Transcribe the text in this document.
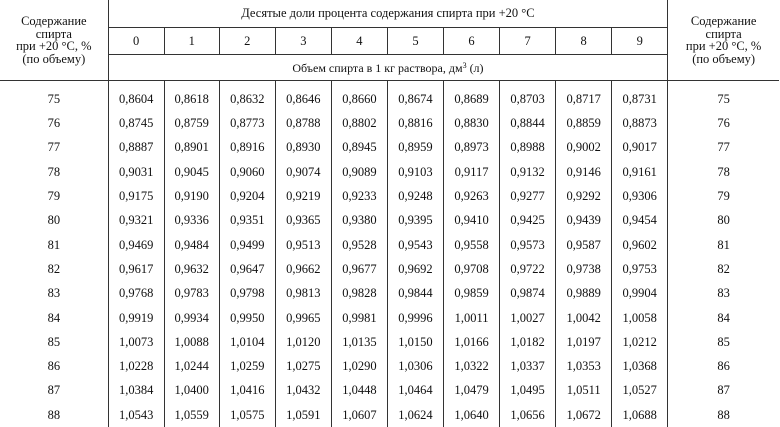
Содержание
спирта
при +20 °С, %
(по объему)	Десятые доли процента содержания спирта при +20 °С										Содержание
спирта
при +20 °С, %
(по объему)
	0	1	2	3	4	5	6	7	8	9	
	Объем спирта в 1 кг раствора, $дм^3$ (л)										
75	0,8604	0,8618	0,8632	0,8646	0,8660	0,8674	0,8689	0,8703	0,8717	0,8731	75
76	0,8745	0,8759	0,8773	0,8788	0,8802	0,8816	0,8830	0,8844	0,8859	0,8873	76
77	0,8887	0,8901	0,8916	0,8930	0,8945	0,8959	0,8973	0,8988	0,9002	0,9017	77
78	0,9031	0,9045	0,9060	0,9074	0,9089	0,9103	0,9117	0,9132	0,9146	0,9161	78
79	0,9175	0,9190	0,9204	0,9219	0,9233	0,9248	0,9263	0,9277	0,9292	0,9306	79
80	0,9321	0,9336	0,9351	0,9365	0,9380	0,9395	0,9410	0,9425	0,9439	0,9454	80
81	0,9469	0,9484	0,9499	0,9513	0,9528	0,9543	0,9558	0,9573	0,9587	0,9602	81
82	0,9617	0,9632	0,9647	0,9662	0,9677	0,9692	0,9708	0,9722	0,9738	0,9753	82
83	0,9768	0,9783	0,9798	0,9813	0,9828	0,9844	0,9859	0,9874	0,9889	0,9904	83
84	0,9919	0,9934	0,9950	0,9965	0,9981	0,9996	1,0011	1,0027	1,0042	1,0058	84
85	1,0073	1,0088	1,0104	1,0120	1,0135	1,0150	1,0166	1,0182	1,0197	1,0212	85
86	1,0228	1,0244	1,0259	1,0275	1,0290	1,0306	1,0322	1,0337	1,0353	1,0368	86
87	1,0384	1,0400	1,0416	1,0432	1,0448	1,0464	1,0479	1,0495	1,0511	1,0527	87
88	1,0543	1,0559	1,0575	1,0591	1,0607	1,0624	1,0640	1,0656	1,0672	1,0688	88
